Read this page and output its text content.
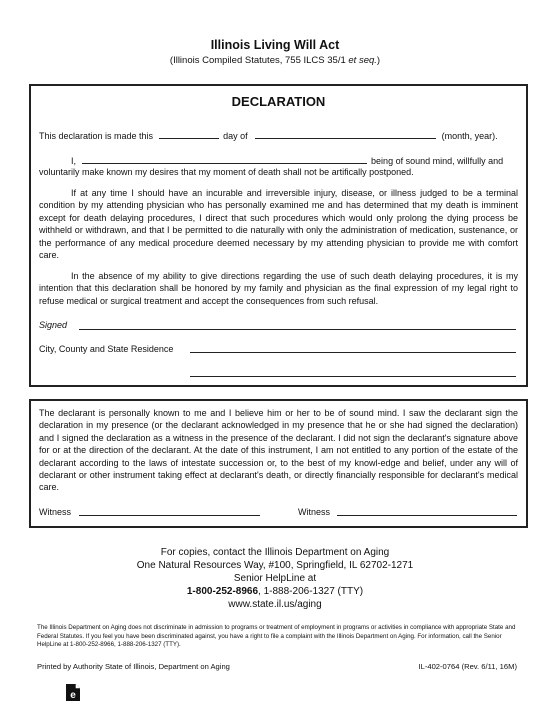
Illinois Living Will Act
(Illinois Compiled Statutes, 755 ILCS 35/1 et seq.)
DECLARATION
This declaration is made this	day of	(month, year).
I,	being of sound mind, willfully and
voluntarily make known my desires that my moment of death shall not be artifically postponed.
If at any time I should have an incurable and irreversible injury, disease, or illness judged to be a terminal condition by my attending physician who has personally examined me and has determined that my death is imminent except for death delaying procedures, I direct that such procedures which would only prolong the dying process be withheld or withdrawn, and that I be permitted to die naturally with only the administration of medication, sustenance, or the performance of any medical procedure deemed necessary by my attending physician to provide me with comfort care.
In the absence of my ability to give directions regarding the use of such death delaying procedures, it is my intention that this declaration shall be honored by my family and physician as the final expression of my legal right to refuse medical or surgical treatment and accept the consequences from such refusal.
Signed
City, County and State Residence
The declarant is personally known to me and I believe him or her to be of sound mind. I saw the declarant sign the declaration in my presence (or the declarant acknowledged in my presence that he or she had signed the declaration) and I signed the declaration as a witness in the presence of the declarant. I did not sign the declarant's signature above for or at the direction of the declarant. At the date of this instrument, I am not entitled to any portion of the estate of the declarant according to the laws of intestate succession or, to the best of my knowl-edge and belief, under any will of declarant or other instrument taking effect at declarant's death, or directly financially responsible for declarant's medical care.
Witness	Witness
For copies, contact the Illinois Department on Aging
One Natural Resources Way, #100, Springfield, IL 62702-1271
Senior HelpLine at
1-800-252-8966, 1-888-206-1327 (TTY)
www.state.il.us/aging
The Illinois Department on Aging does not discriminate in admission to programs or treatment of employment in programs or activities in compliance with appropriate State and Federal Statutes. If you feel you have been discriminated against, you have a right to file a complaint with the Illinois Department on Aging. For information, call the Senior HelpLine at 1-800-252-8966, 1-888-206-1327 (TTY).
Printed by Authority State of Illinois, Department on Aging	IL-402-0764 (Rev. 6/11, 16M)
e
